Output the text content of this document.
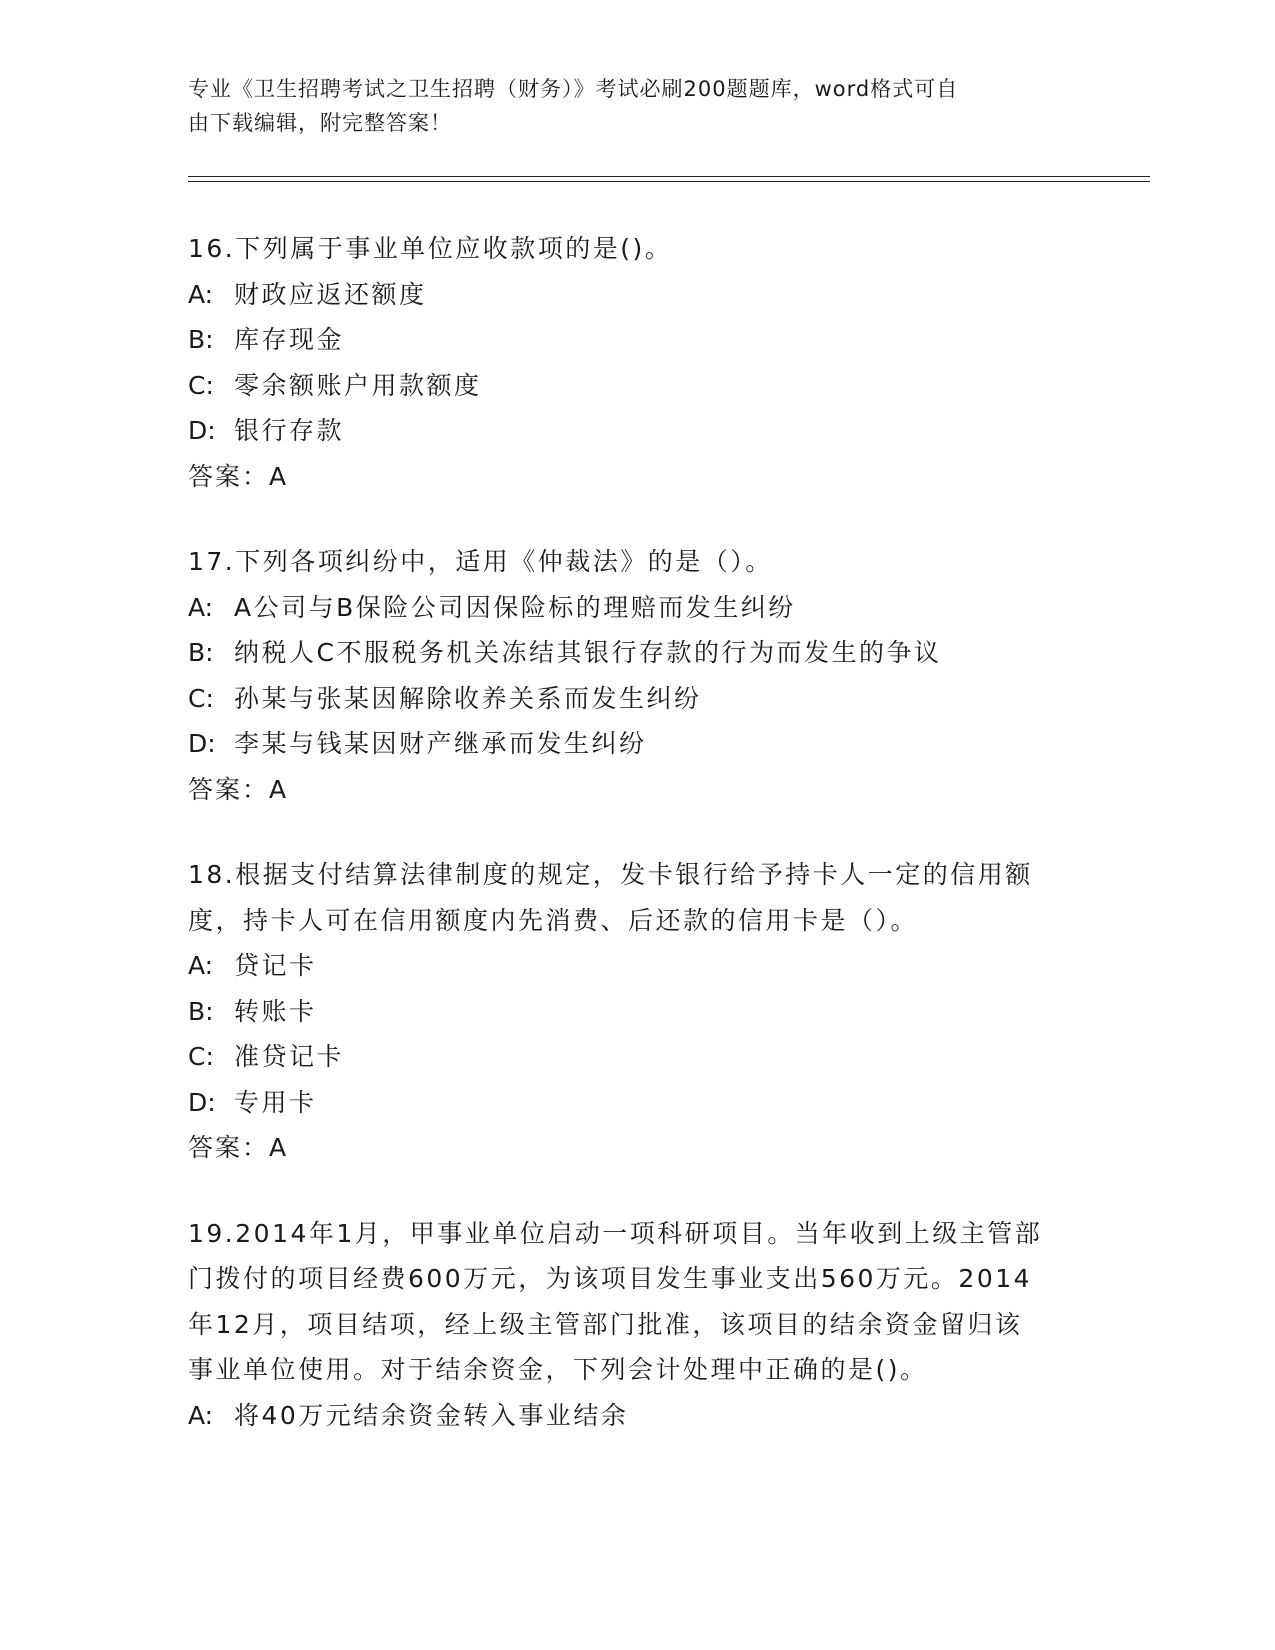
专业《卫生招聘考试之卫生招聘（财务）》考试必刷200题题库，word格式可自
由下载编辑，附完整答案！
16.下列属于事业单位应收款项的是()。
A: 财政应返还额度
B: 库存现金
C: 零余额账户用款额度
D: 银行存款
答案：A
17.下列各项纠纷中，适用《仲裁法》的是（）。
A: A公司与B保险公司因保险标的理赔而发生纠纷
B: 纳税人C不服税务机关冻结其银行存款的行为而发生的争议
C: 孙某与张某因解除收养关系而发生纠纷
D: 李某与钱某因财产继承而发生纠纷
答案：A
18.根据支付结算法律制度的规定，发卡银行给予持卡人一定的信用额
度，持卡人可在信用额度内先消费、后还款的信用卡是（）。
A: 贷记卡
B: 转账卡
C: 准贷记卡
D: 专用卡
答案：A
19.2014年1月，甲事业单位启动一项科研项目。当年收到上级主管部
门拨付的项目经费600万元，为该项目发生事业支出560万元。2014
年12月，项目结项，经上级主管部门批准，该项目的结余资金留归该
事业单位使用。对于结余资金，下列会计处理中正确的是()。
A: 将40万元结余资金转入事业结余
